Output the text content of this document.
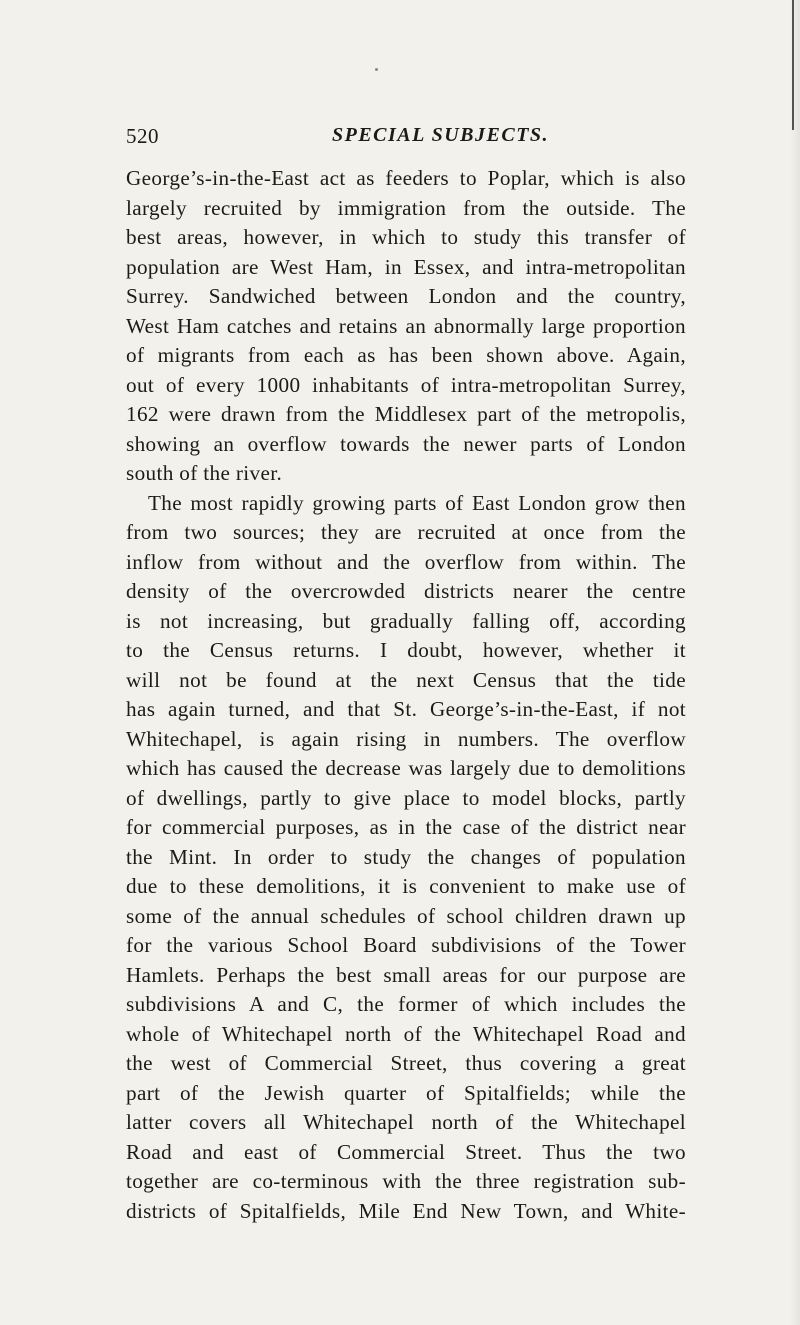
520	SPECIAL SUBJECTS.
George’s-in-the-East act as feeders to Poplar, which is also
largely recruited by immigration from the outside. The
best areas, however, in which to study this transfer of
population are West Ham, in Essex, and intra-metropolitan
Surrey. Sandwiched between London and the country,
West Ham catches and retains an abnormally large proportion
of migrants from each as has been shown above. Again,
out of every 1000 inhabitants of intra-metropolitan Surrey,
162 were drawn from the Middlesex part of the metropolis,
showing an overflow towards the newer parts of London
south of the river.
The most rapidly growing parts of East London grow then
from two sources; they are recruited at once from the
inflow from without and the overflow from within. The
density of the overcrowded districts nearer the centre
is not increasing, but gradually falling off, according
to the Census returns. I doubt, however, whether it
will not be found at the next Census that the tide
has again turned, and that St. George’s-in-the-East, if not
Whitechapel, is again rising in numbers. The overflow
which has caused the decrease was largely due to demolitions
of dwellings, partly to give place to model blocks, partly
for commercial purposes, as in the case of the district near
the Mint. In order to study the changes of population
due to these demolitions, it is convenient to make use of
some of the annual schedules of school children drawn up
for the various School Board subdivisions of the Tower
Hamlets. Perhaps the best small areas for our purpose are
subdivisions A and C, the former of which includes the
whole of Whitechapel north of the Whitechapel Road and
the west of Commercial Street, thus covering a great
part of the Jewish quarter of Spitalfields; while the
latter covers all Whitechapel north of the Whitechapel
Road and east of Commercial Street. Thus the two
together are co-terminous with the three registration sub-
districts of Spitalfields, Mile End New Town, and White-
